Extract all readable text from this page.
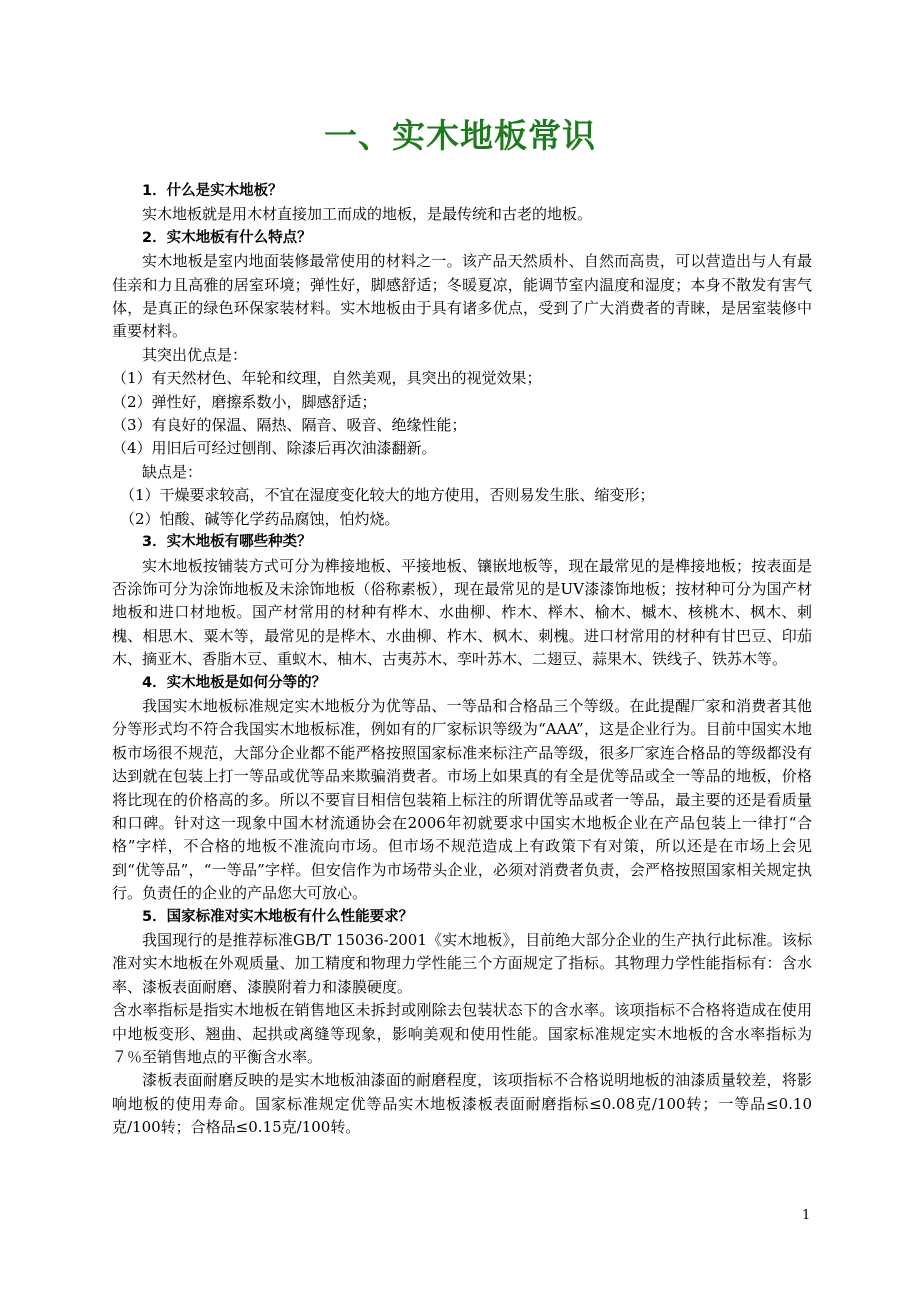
一、实木地板常识

1．什么是实木地板？

实木地板就是用木材直接加工而成的地板，是最传统和古老的地板。

2．实木地板有什么特点？

实木地板是室内地面装修最常使用的材料之一。该产品天然质朴、自然而高贵，可以营造出与人有最佳亲和力且高雅的居室环境；弹性好，脚感舒适；冬暖夏凉，能调节室内温度和湿度；本身不散发有害气体，是真正的绿色环保家装材料。实木地板由于具有诸多优点，受到了广大消费者的青睐，是居室装修中重要材料。

其突出优点是：

（1）有天然材色、年轮和纹理，自然美观，具突出的视觉效果；

（2）弹性好，磨擦系数小，脚感舒适；

（3）有良好的保温、隔热、隔音、吸音、绝缘性能；

（4）用旧后可经过刨削、除漆后再次油漆翻新。

缺点是：

（1）干燥要求较高，不宜在湿度变化较大的地方使用，否则易发生胀、缩变形；

（2）怕酸、碱等化学药品腐蚀，怕灼烧。

3．实木地板有哪些种类？

实木地板按铺装方式可分为榫接地板、平接地板、镶嵌地板等，现在最常见的是榫接地板；按表面是否涂饰可分为涂饰地板及未涂饰地板（俗称素板），现在最常见的是UV漆漆饰地板；按材种可分为国产材地板和进口材地板。国产材常用的材种有桦木、水曲柳、柞木、榉木、榆木、槭木、核桃木、枫木、刺槐、相思木、粟木等，最常见的是桦木、水曲柳、柞木、枫木、刺槐。进口材常用的材种有甘巴豆、印茄木、摘亚木、香脂木豆、重蚁木、柚木、古夷苏木、孪叶苏木、二翅豆、蒜果木、铁线子、铁苏木等。

4．实木地板是如何分等的？

我国实木地板标准规定实木地板分为优等品、一等品和合格品三个等级。在此提醒厂家和消费者其他分等形式均不符合我国实木地板标准，例如有的厂家标识等级为“AAA”，这是企业行为。目前中国实木地板市场很不规范，大部分企业都不能严格按照国家标准来标注产品等级，很多厂家连合格品的等级都没有达到就在包装上打一等品或优等品来欺骗消费者。市场上如果真的有全是优等品或全一等品的地板，价格将比现在的价格高的多。所以不要盲目相信包装箱上标注的所谓优等品或者一等品，最主要的还是看质量和口碑。针对这一现象中国木材流通协会在2006年初就要求中国实木地板企业在产品包装上一律打“合格”字样，不合格的地板不准流向市场。但市场不规范造成上有政策下有对策，所以还是在市场上会见到“优等品”，“一等品”字样。但安信作为市场带头企业，必须对消费者负责，会严格按照国家相关规定执行。负责任的企业的产品您大可放心。

5．国家标准对实木地板有什么性能要求？

我国现行的是推荐标准GB/T 15036-2001《实木地板》，目前绝大部分企业的生产执行此标准。该标准对实木地板在外观质量、加工精度和物理力学性能三个方面规定了指标。其物理力学性能指标有：含水率、漆板表面耐磨、漆膜附着力和漆膜硬度。

含水率指标是指实木地板在销售地区未拆封或刚除去包装状态下的含水率。该项指标不合格将造成在使用中地板变形、翘曲、起拱或离缝等现象，影响美观和使用性能。国家标准规定实木地板的含水率指标为７％至销售地点的平衡含水率。

漆板表面耐磨反映的是实木地板油漆面的耐磨程度，该项指标不合格说明地板的油漆质量较差，将影响地板的使用寿命。国家标准规定优等品实木地板漆板表面耐磨指标≤0.08克/100转；一等品≤0.10克/100转；合格品≤0.15克/100转。

1
